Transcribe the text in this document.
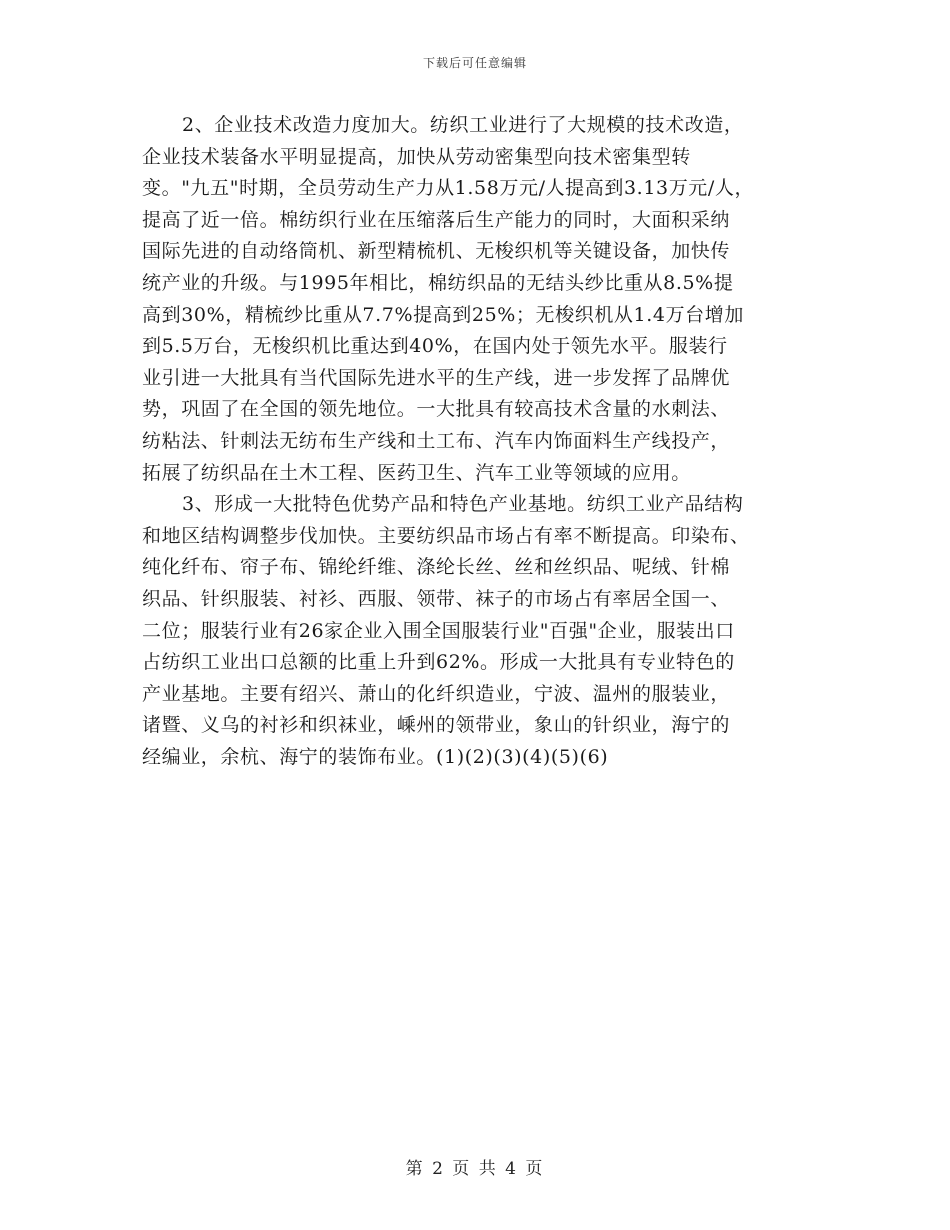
下载后可任意编辑
2、企业技术改造力度加大。纺织工业进行了大规模的技术改造，
企业技术装备水平明显提高，加快从劳动密集型向技术密集型转
变。"九五"时期，全员劳动生产力从1.58万元/人提高到3.13万元/人，
提高了近一倍。棉纺织行业在压缩落后生产能力的同时，大面积采纳
国际先进的自动络筒机、新型精梳机、无梭织机等关键设备，加快传
统产业的升级。与1995年相比，棉纺织品的无结头纱比重从8.5%提
高到30%，精梳纱比重从7.7%提高到25%；无梭织机从1.4万台增加
到5.5万台，无梭织机比重达到40%，在国内处于领先水平。服装行
业引进一大批具有当代国际先进水平的生产线，进一步发挥了品牌优
势，巩固了在全国的领先地位。一大批具有较高技术含量的水刺法、
纺粘法、针刺法无纺布生产线和土工布、汽车内饰面料生产线投产，
拓展了纺织品在土木工程、医药卫生、汽车工业等领域的应用。
3、形成一大批特色优势产品和特色产业基地。纺织工业产品结构
和地区结构调整步伐加快。主要纺织品市场占有率不断提高。印染布、
纯化纤布、帘子布、锦纶纤维、涤纶长丝、丝和丝织品、呢绒、针棉
织品、针织服装、衬衫、西服、领带、袜子的市场占有率居全国一、
二位；服装行业有26家企业入围全国服装行业"百强"企业，服装出口
占纺织工业出口总额的比重上升到62%。形成一大批具有专业特色的
产业基地。主要有绍兴、萧山的化纤织造业，宁波、温州的服装业，
诸暨、义乌的衬衫和织袜业，嵊州的领带业，象山的针织业，海宁的
经编业，余杭、海宁的装饰布业。(1)(2)(3)(4)(5)(6)
第 2 页 共 4 页
